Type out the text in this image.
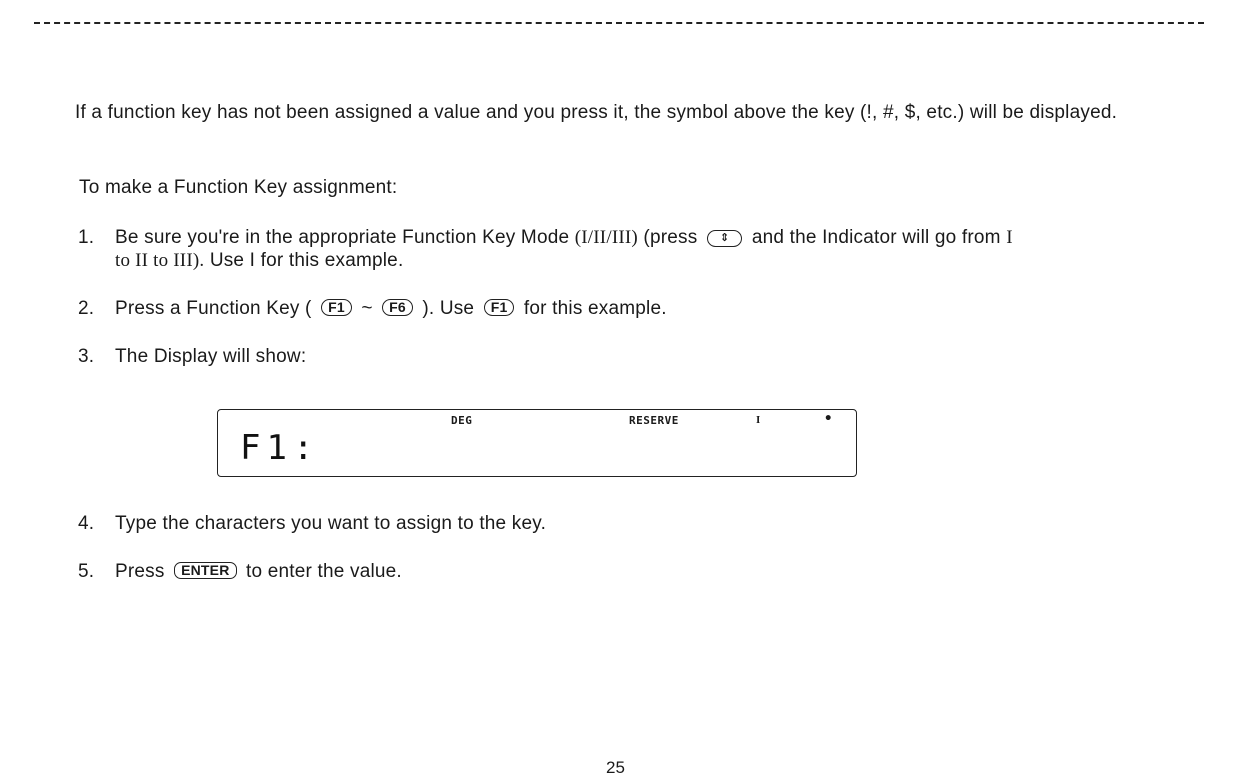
If a function key has not been assigned a value and you press it, the symbol above the key (!, #, $, etc.) will be displayed.

To make a Function Key assignment:
1. Be sure you're in the appropriate Function Key Mode (I/II/III) (press ⇕ and the Indicator will go from I
to II to III). Use I for this example.
2. Press a Function Key ( F1 ~ F6 ). Use F1 for this example.
3. The Display will show:
DEG	RESERVE	I	•
F1:
4. Type the characters you want to assign to the key.
5. Press ENTER to enter the value.
25
